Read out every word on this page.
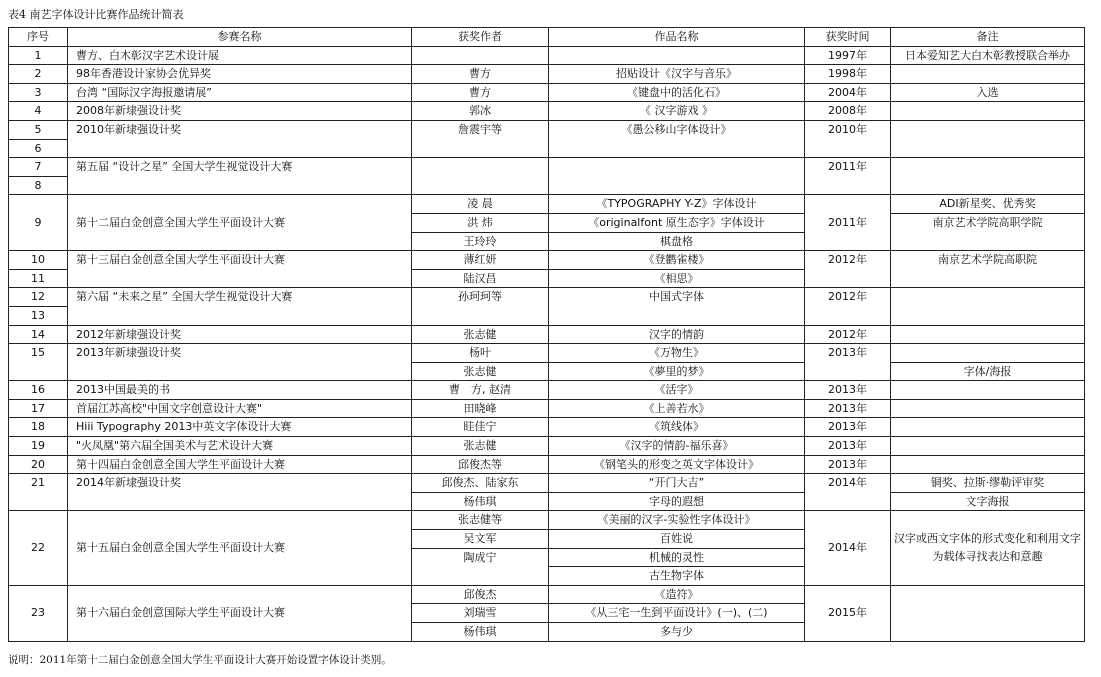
表4 南艺字体设计比赛作品统计简表
序号	参赛名称	获奖作者	作品名称	获奖时间	备注
1	曹方、白木彰汉字艺术设计展			1997年	日本爱知艺大白木彰教授联合举办
2	98年香港设计家协会优异奖	曹方	招贴设计《汉字与音乐》	1998年	
3	台湾 “国际汉字海报邀请展”	曹方	《键盘中的活化石》	2004年	入选
4	2008年新埭强设计奖	郭冰	《 汉字游戏 》	2008年	
5	2010年新埭强设计奖	詹震宇等	《愚公移山字体设计》	2010年	
6					
7	第五届 “设计之星” 全国大学生视觉设计大赛			2011年	
8					
9	第十二届白金创意全国大学生平面设计大赛	凌 晨	《TYPOGRAPHY Y-Z》字体设计	2011年	ADI新星奖、优秀奖
		洪 炜	《originalfont 原生态字》字体设计		南京艺术学院高职学院
		王玲玲	棋盘格		
10	第十三届白金创意全国大学生平面设计大赛	薄红妍	《登鹳雀楼》	2012年	南京艺术学院高职院
11		陆汉昌	《相思》		
12	第六届 “未来之星” 全国大学生视觉设计大赛	孙珂珂等	中国式字体	2012年	
13					
14	2012年新埭强设计奖	张志健	汉字的情韵	2012年	
15	2013年新埭强设计奖	杨叶	《万物生》	2013年	
		张志健	《夢里的梦》		字体/海报
16	2013中国最美的书	曹　方, 赵清	《活字》	2013年	
17	首届江苏高校"中国文字创意设计大赛"	田晓峰	《上善若水》	2013年	
18	Hiii Typography 2013中英文字体设计大赛	眭佳宁	《筑线体》	2013年	
19	"火凤凰"第六届全国美术与艺术设计大赛	张志健	《汉字的情韵-福乐喜》	2013年	
20	第十四届白金创意全国大学生平面设计大赛	邱俊杰等	《钢笔头的形变之英文字体设计》	2013年	
21	2014年新埭强设计奖	邱俊杰、陆家东	“开门大吉”	2014年	铜奖、拉斯·缪勒评审奖
		杨伟琪	字母的遐想		文字海报
22	第十五届白金创意全国大学生平面设计大赛	张志健等	《美丽的汉字-实验性字体设计》	2014年	汉字或西文字体的形式变化和利用文字为载体寻找表达和意趣
		吴文军	百姓说		
		陶成宁	机械的灵性		
			古生物字体		
23	第十六届白金创意国际大学生平面设计大赛	邱俊杰	《造符》	2015年	
		刘瑞雪	《从三宅一生到平面设计》(一)、(二)		
		杨伟琪	多与少		
说明：2011年第十二届白金创意全国大学生平面设计大赛开始设置字体设计类别。
